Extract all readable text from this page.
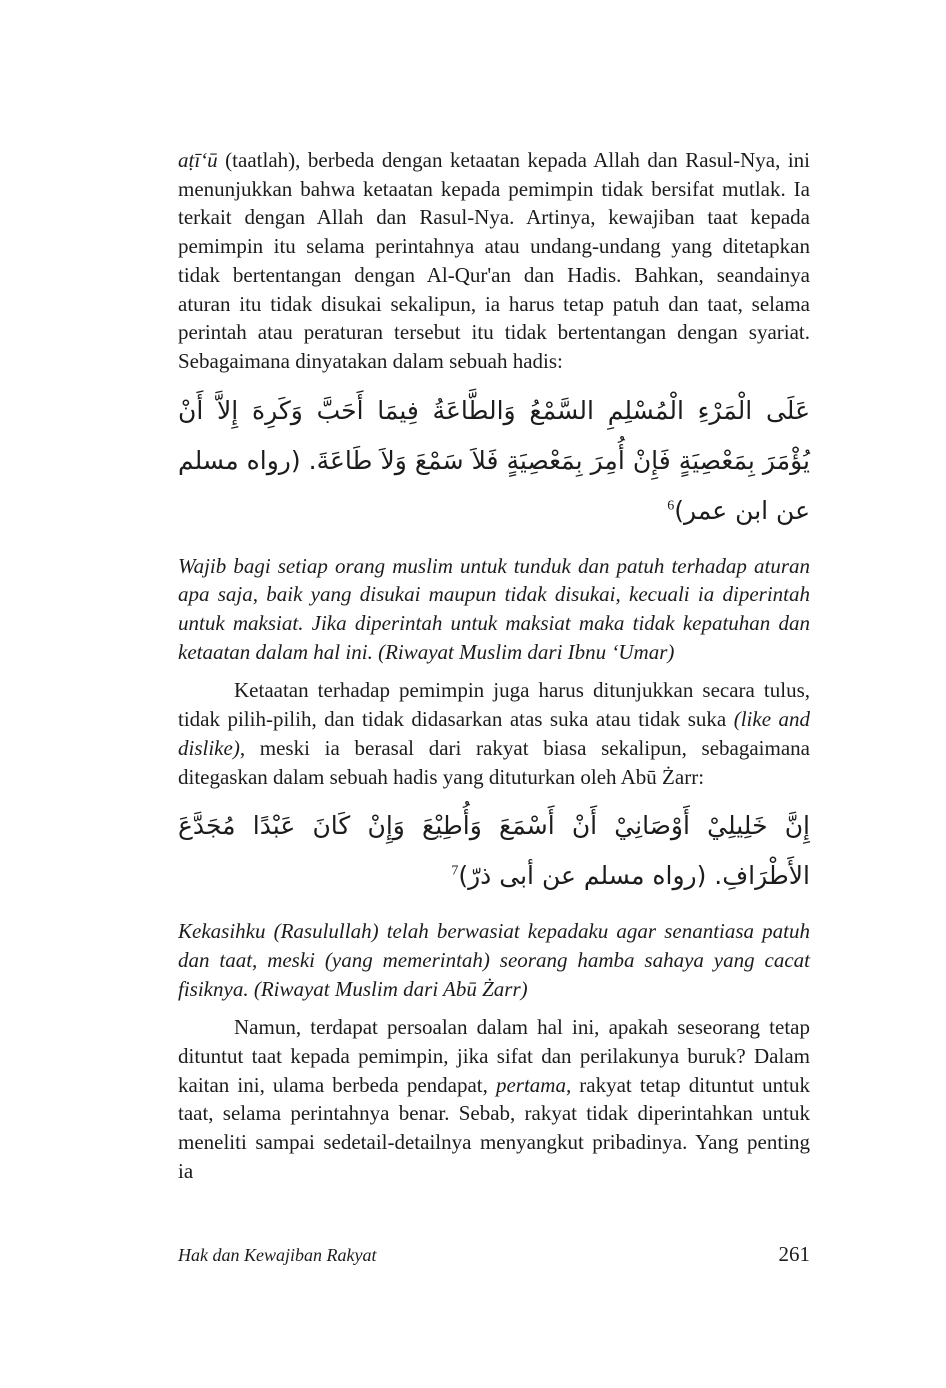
aṭī‘ū (taatlah), berbeda dengan ketaatan kepada Allah dan Rasul-Nya, ini menunjukkan bahwa ketaatan kepada pemimpin tidak bersifat mutlak. Ia terkait dengan Allah dan Rasul-Nya. Artinya, kewajiban taat kepada pemimpin itu selama perintahnya atau undang-undang yang ditetapkan tidak bertentangan dengan Al-Qur'an dan Hadis. Bahkan, seandainya aturan itu tidak disukai sekalipun, ia harus tetap patuh dan taat, selama perintah atau peraturan tersebut itu tidak bertentangan dengan syariat. Sebagaimana dinyatakan dalam sebuah hadis:

عَلَى الْمَرْءِ الْمُسْلِمِ السَّمْعُ وَالطَّاعَةُ فِيمَا أَحَبَّ وَكَرِهَ إِلاَّ أَنْ يُؤْمَرَ بِمَعْصِيَةٍ فَإِنْ أُمِرَ بِمَعْصِيَةٍ فَلاَ سَمْعَ وَلاَ طَاعَةَ. (رواه مسلم عن ابن عمر)$^6$

Wajib bagi setiap orang muslim untuk tunduk dan patuh terhadap aturan apa saja, baik yang disukai maupun tidak disukai, kecuali ia diperintah untuk maksiat. Jika diperintah untuk maksiat maka tidak kepatuhan dan ketaatan dalam hal ini. (Riwayat Muslim dari Ibnu ‘Umar)

Ketaatan terhadap pemimpin juga harus ditunjukkan secara tulus, tidak pilih-pilih, dan tidak didasarkan atas suka atau tidak suka (like and dislike), meski ia berasal dari rakyat biasa sekalipun, sebagaimana ditegaskan dalam sebuah hadis yang dituturkan oleh Abū Żarr:

إِنَّ خَلِيلِيْ أَوْصَانِيْ أَنْ أَسْمَعَ وَأُطِيْعَ وَإِنْ كَانَ عَبْدًا مُجَدَّعَ الأَطْرَافِ. (رواه مسلم عن أبى ذرّ)$^7$

Kekasihku (Rasulullah) telah berwasiat kepadaku agar senantiasa patuh dan taat, meski (yang memerintah) seorang hamba sahaya yang cacat fisiknya. (Riwayat Muslim dari Abū Żarr)

Namun, terdapat persoalan dalam hal ini, apakah seseorang tetap dituntut taat kepada pemimpin, jika sifat dan perilakunya buruk? Dalam kaitan ini, ulama berbeda pendapat, pertama, rakyat tetap dituntut untuk taat, selama perintahnya benar. Sebab, rakyat tidak diperintahkan untuk meneliti sampai sedetail-detailnya menyangkut pribadinya. Yang penting ia

Hak dan Kewajiban Rakyat	261
